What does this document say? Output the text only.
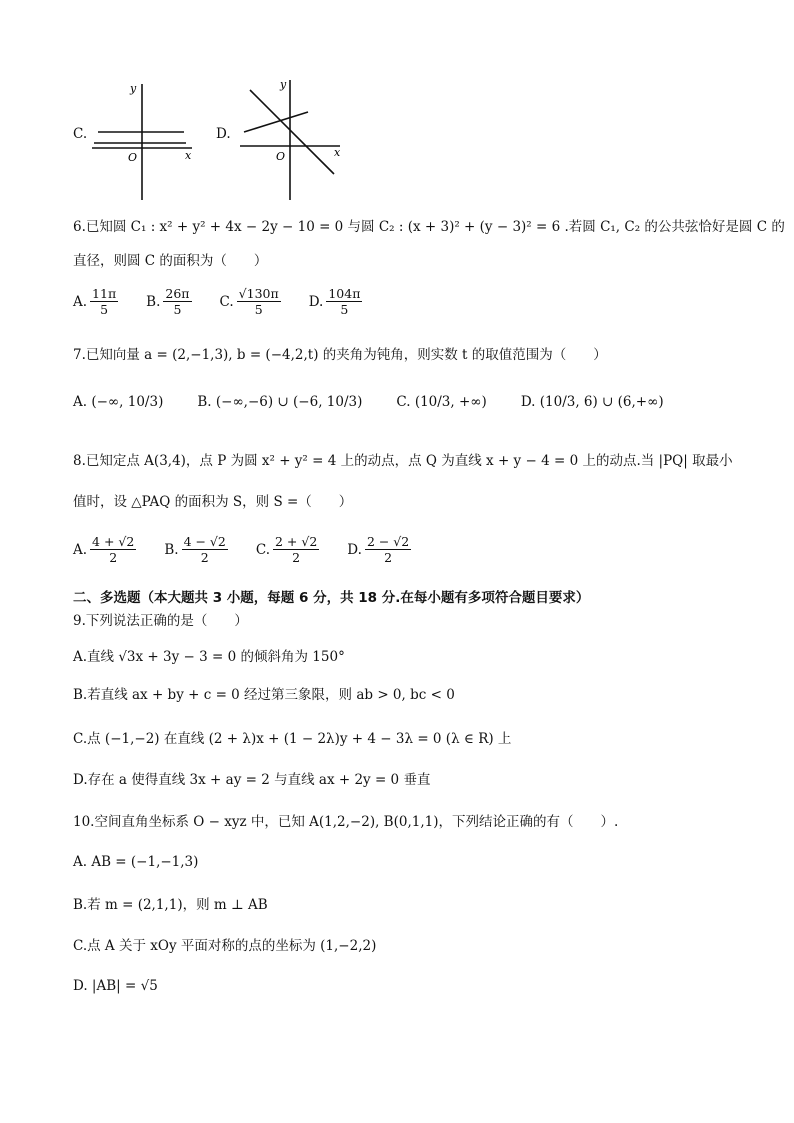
C.
y
x
O
D.
y
x
O
6.已知圆 C₁ : x² + y² + 4x − 2y − 10 = 0 与圆 C₂ : (x + 3)² + (y − 3)² = 6 .若圆 C₁, C₂ 的公共弦恰好是圆 C 的
直径，则圆 C 的面积为（　　）
A. $\frac{11\pi}{5} B$. $\frac{26\pi}{5} C$. $\frac{√130\pi}{5} D$. $\frac{104\pi}{5}$
7.已知向量 a = (2,−1,3), b = (−4,2,t) 的夹角为钝角，则实数 t 的取值范围为（　　）
A.
(−∞, 10/3)	B.
(−∞,−6) ∪ (−6, 10/3)	C.
(10/3, +∞)	D.
(10/3, 6) ∪ (6,+∞)
8.已知定点 A(3,4)，点 P 为圆 x² + y² = 4 上的动点，点 Q 为直线 x + y − 4 = 0 上的动点.当 |PQ| 取最小
值时，设 △PAQ 的面积为 S，则 S =（　　）
A. $\frac{4 + √2}{2} B$. $\frac{4 - √2}{2} C$. $\frac{2 + √2}{2} D$. $\frac{2 - √2}{2}$
二、多选题（本大题共 3 小题，每题 6 分，共 18 分.在每小题有多项符合题目要求）
9.下列说法正确的是（　　）
A.直线 √3x + 3y − 3 = 0 的倾斜角为 150°
B.若直线 ax + by + c = 0 经过第三象限，则 ab > 0, bc < 0
C.点 (−1,−2) 在直线 (2 + λ)x + (1 − 2λ)y + 4 − 3λ = 0 (λ ∈ R) 上
D.存在 a 使得直线 3x + ay = 2 与直线 ax + 2y = 0 垂直
10.空间直角坐标系 O − xyz 中，已知 A(1,2,−2), B(0,1,1)，下列结论正确的有（　　）.
A. AB = (−1,−1,3)
B.若 m = (2,1,1)，则 m ⊥ AB
C.点 A 关于 xOy 平面对称的点的坐标为 (1,−2,2)
D. |AB| = √5
